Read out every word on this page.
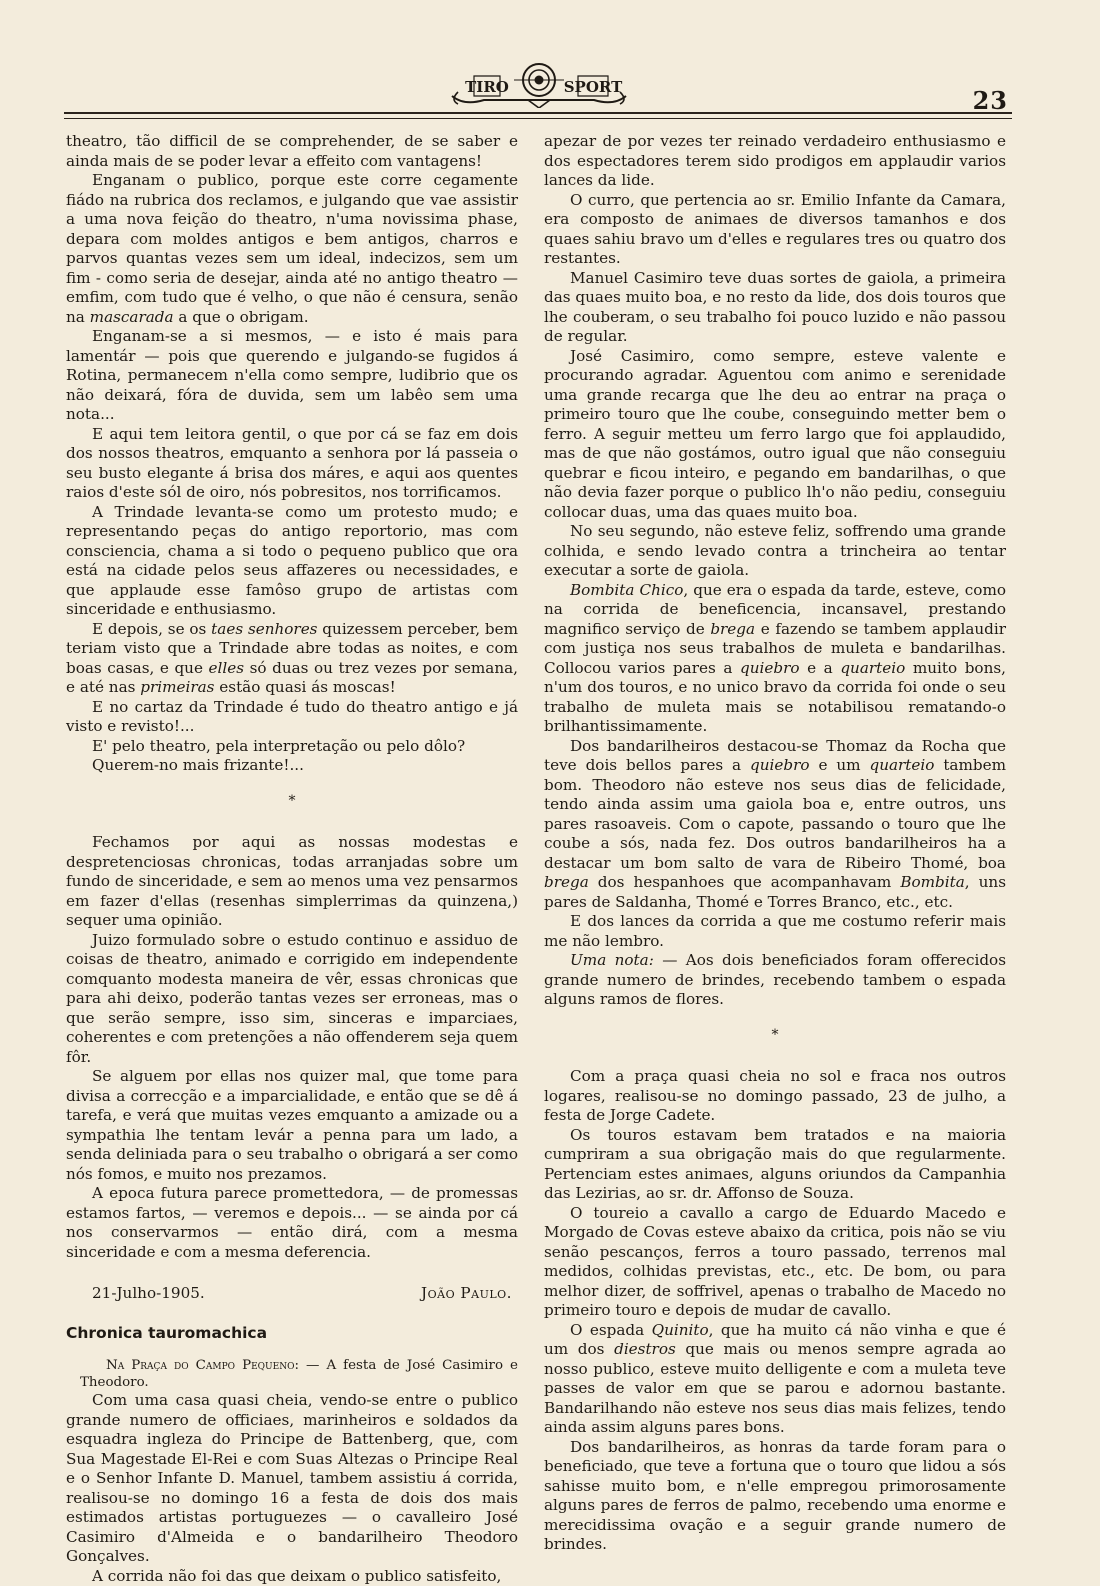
TIRO	SPORT	23

theatro, tão difficil de se comprehender, de se saber e ainda mais de se poder levar a effeito com vantagens!

Enganam o publico, porque este corre cegamente fiádo na rubrica dos reclamos, e julgando que vae assistir a uma nova feição do theatro, n'uma novissima phase, depara com moldes antigos e bem antigos, charros e parvos quantas vezes sem um ideal, indecizos, sem um fim - como seria de desejar, ainda até no antigo theatro — emfim, com tudo que é velho, o que não é censura, senão na mascarada a que o obrigam.

Enganam-se a si mesmos, — e isto é mais para lamentár — pois que querendo e julgando-se fugidos á Rotina, permanecem n'ella como sempre, ludibrio que os não deixará, fóra de duvida, sem um labêo sem uma nota...

E aqui tem leitora gentil, o que por cá se faz em dois dos nossos theatros, emquanto a senhora por lá passeia o seu busto elegante á brisa dos máres, e aqui aos quentes raios d'este sól de oiro, nós pobresitos, nos torrificamos.

A Trindade levanta-se como um protesto mudo; e representando peças do antigo reportorio, mas com consciencia, chama a si todo o pequeno publico que ora está na cidade pelos seus affazeres ou necessidades, e que applaude esse famôso grupo de artistas com sinceridade e enthusiasmo.

E depois, se os taes senhores quizessem perceber, bem teriam visto que a Trindade abre todas as noites, e com boas casas, e que elles só duas ou trez vezes por semana, e até nas primeiras estão quasi ás moscas!

E no cartaz da Trindade é tudo do theatro antigo e já visto e revisto!...

E' pelo theatro, pela interpretação ou pelo dôlo?

Querem-no mais frizante!...

*

Fechamos por aqui as nossas modestas e despretenciosas chronicas, todas arranjadas sobre um fundo de sinceridade, e sem ao menos uma vez pensarmos em fazer d'ellas (resenhas simplerrimas da quinzena,) sequer uma opinião.

Juizo formulado sobre o estudo continuo e assiduo de coisas de theatro, animado e corrigido em independente comquanto modesta maneira de vêr, essas chronicas que para ahi deixo, poderão tantas vezes ser erroneas, mas o que serão sempre, isso sim, sinceras e imparciaes, coherentes e com pretenções a não offenderem seja quem fôr.

Se alguem por ellas nos quizer mal, que tome para divisa a correcção e a imparcialidade, e então que se dê á tarefa, e verá que muitas vezes emquanto a amizade ou a sympathia lhe tentam levár a penna para um lado, a senda deliniada para o seu trabalho o obrigará a ser como nós fomos, e muito nos prezamos.

A epoca futura parece promettedora, — de promessas estamos fartos, — veremos e depois... — se ainda por cá nos conservarmos — então dirá, com a mesma sinceridade e com a mesma deferencia.

21-Julho-1905.	João Paulo.
Chronica tauromachica

Na Praça do Campo Pequeno: — A festa de José Casimiro e Theodoro.

Com uma casa quasi cheia, vendo-se entre o publico grande numero de officiaes, marinheiros e soldados da esquadra ingleza do Principe de Battenberg, que, com Sua Magestade El-Rei e com Suas Altezas o Principe Real e o Senhor Infante D. Manuel, tambem assistiu á corrida, realisou-se no domingo 16 a festa de dois dos mais estimados artistas portuguezes — o cavalleiro José Casimiro d'Almeida e o bandarilheiro Theodoro Gonçalves.

A corrida não foi das que deixam o publico satisfeito,

apezar de por vezes ter reinado verdadeiro enthusiasmo e dos espectadores terem sido prodigos em applaudir varios lances da lide.

O curro, que pertencia ao sr. Emilio Infante da Camara, era composto de animaes de diversos tamanhos e dos quaes sahiu bravo um d'elles e regulares tres ou quatro dos restantes.

Manuel Casimiro teve duas sortes de gaiola, a primeira das quaes muito boa, e no resto da lide, dos dois touros que lhe couberam, o seu trabalho foi pouco luzido e não passou de regular.

José Casimiro, como sempre, esteve valente e procurando agradar. Aguentou com animo e serenidade uma grande recarga que lhe deu ao entrar na praça o primeiro touro que lhe coube, conseguindo metter bem o ferro. A seguir metteu um ferro largo que foi applaudido, mas de que não gostámos, outro igual que não conseguiu quebrar e ficou inteiro, e pegando em bandarilhas, o que não devia fazer porque o publico lh'o não pediu, conseguiu collocar duas, uma das quaes muito boa.

No seu segundo, não esteve feliz, soffrendo uma grande colhida, e sendo levado contra a trincheira ao tentar executar a sorte de gaiola.

Bombita Chico, que era o espada da tarde, esteve, como na corrida de beneficencia, incansavel, prestando magnifico serviço de brega e fazendo se tambem applaudir com justiça nos seus trabalhos de muleta e bandarilhas. Collocou varios pares a quiebro e a quarteio muito bons, n'um dos touros, e no unico bravo da corrida foi onde o seu trabalho de muleta mais se notabilisou rematando-o brilhantissimamente.

Dos bandarilheiros destacou-se Thomaz da Rocha que teve dois bellos pares a quiebro e um quarteio tambem bom. Theodoro não esteve nos seus dias de felicidade, tendo ainda assim uma gaiola boa e, entre outros, uns pares rasoaveis. Com o capote, passando o touro que lhe coube a sós, nada fez. Dos outros bandarilheiros ha a destacar um bom salto de vara de Ribeiro Thomé, boa brega dos hespanhoes que acompanhavam Bombita, uns pares de Saldanha, Thomé e Torres Branco, etc., etc.

E dos lances da corrida a que me costumo referir mais me não lembro.

Uma nota: — Aos dois beneficiados foram offerecidos grande numero de brindes, recebendo tambem o espada alguns ramos de flores.

*

Com a praça quasi cheia no sol e fraca nos outros logares, realisou-se no domingo passado, 23 de julho, a festa de Jorge Cadete.

Os touros estavam bem tratados e na maioria cumpriram a sua obrigação mais do que regularmente. Pertenciam estes animaes, alguns oriundos da Campanhia das Lezirias, ao sr. dr. Affonso de Souza.

O toureio a cavallo a cargo de Eduardo Macedo e Morgado de Covas esteve abaixo da critica, pois não se viu senão pescanços, ferros a touro passado, terrenos mal medidos, colhidas previstas, etc., etc. De bom, ou para melhor dizer, de soffrivel, apenas o trabalho de Macedo no primeiro touro e depois de mudar de cavallo.

O espada Quinito, que ha muito cá não vinha e que é um dos diestros que mais ou menos sempre agrada ao nosso publico, esteve muito delligente e com a muleta teve passes de valor em que se parou e adornou bastante. Bandarilhando não esteve nos seus dias mais felizes, tendo ainda assim alguns pares bons.

Dos bandarilheiros, as honras da tarde foram para o beneficiado, que teve a fortuna que o touro que lidou a sós sahisse muito bom, e n'elle empregou primorosamente alguns pares de ferros de palmo, recebendo uma enorme e merecidissima ovação e a seguir grande numero de brindes.
